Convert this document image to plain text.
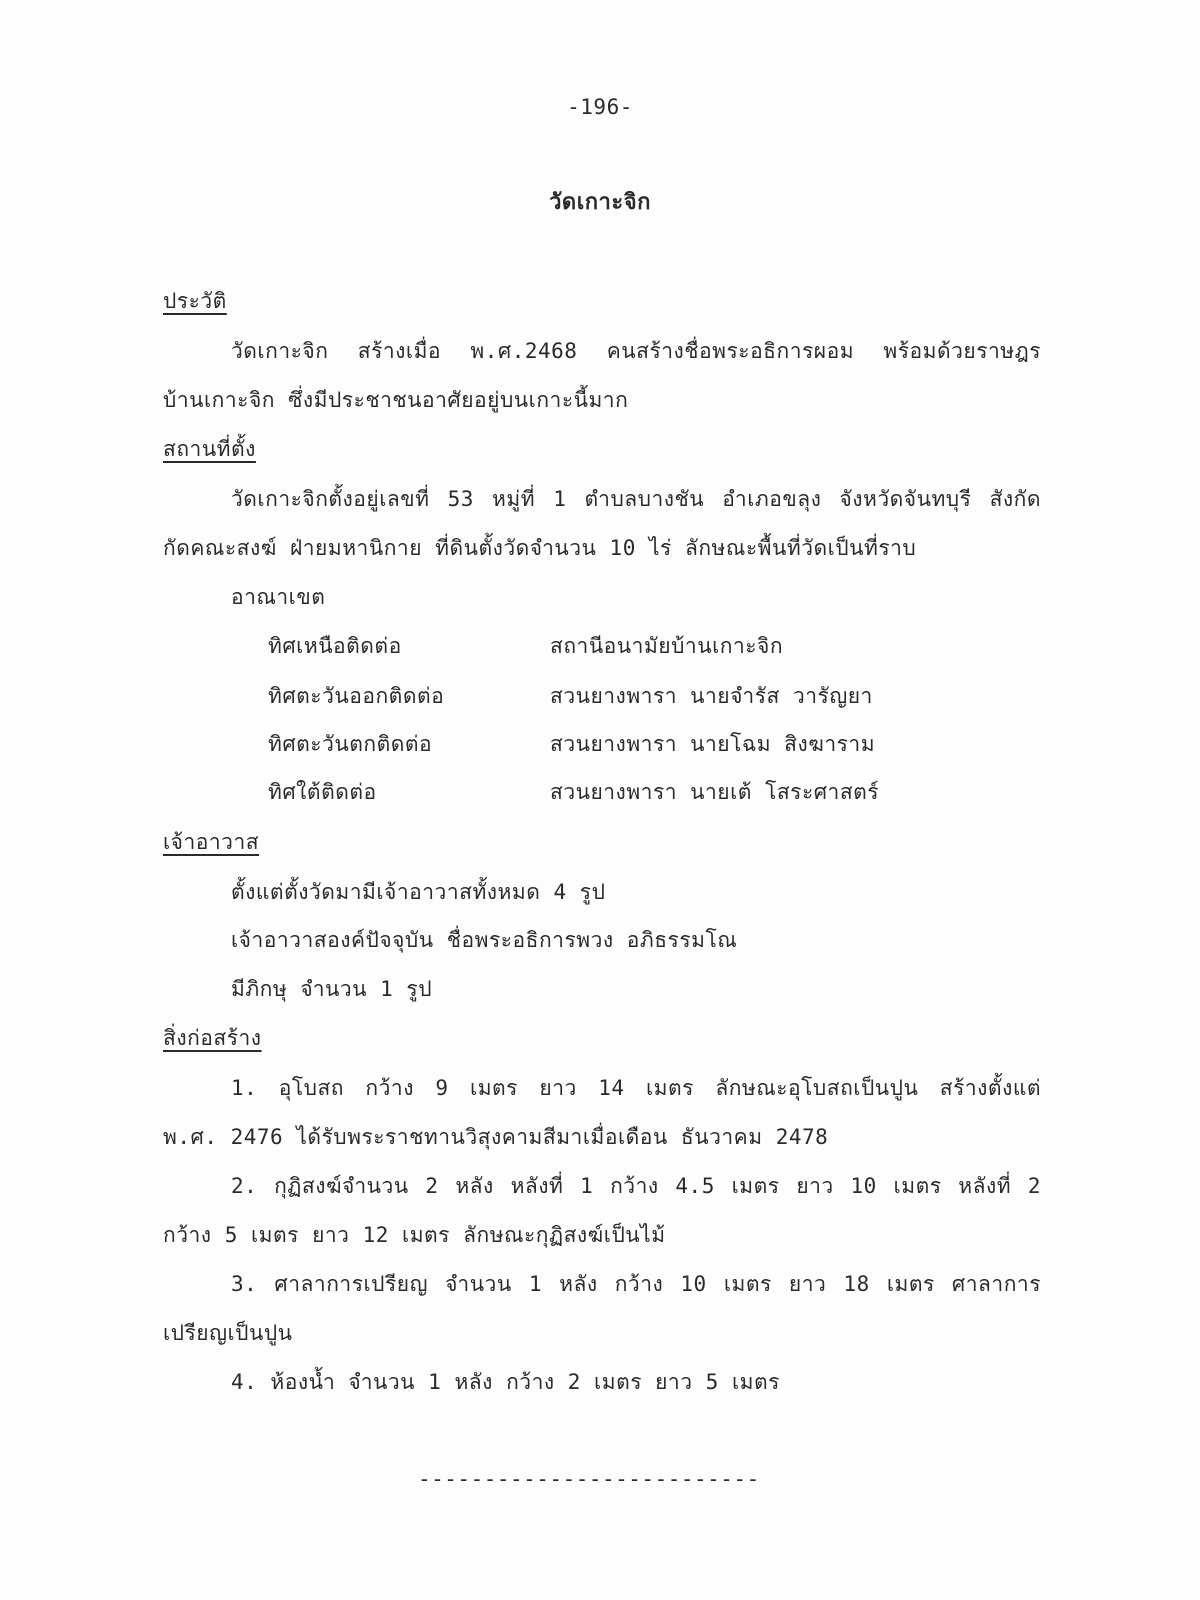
-196-
วัดเกาะจิก
ประวัติ
วัดเกาะจิก สร้างเมื่อ พ.ศ.2468 คนสร้างชื่อพระอธิการผอม พร้อมด้วยราษฎร
บ้านเกาะจิก ซึ่งมีประชาชนอาศัยอยู่บนเกาะนี้มาก
สถานที่ตั้ง
วัดเกาะจิกตั้งอยู่เลขที่ 53 หมู่ที่ 1 ตำบลบางชัน อำเภอขลุง จังหวัดจันทบุรี สังกัด
กัดคณะสงฆ์ ฝ่ายมหานิกาย ที่ดินตั้งวัดจำนวน 10 ไร่ ลักษณะพื้นที่วัดเป็นที่ราบ
อาณาเขต
ทิศเหนือติดต่อ	สถานีอนามัยบ้านเกาะจิก
ทิศตะวันออกติดต่อ	สวนยางพารา นายจำรัส วารัญยา
ทิศตะวันตกติดต่อ	สวนยางพารา นายโฉม สิงฆาราม
ทิศใต้ติดต่อ	สวนยางพารา นายเต้ โสระศาสตร์
เจ้าอาวาส
ตั้งแต่ตั้งวัดมามีเจ้าอาวาสทั้งหมด 4 รูป
เจ้าอาวาสองค์ปัจจุบัน ชื่อพระอธิการพวง อภิธรรมโณ
มีภิกษุ จำนวน 1 รูป
สิ่งก่อสร้าง
1. อุโบสถ กว้าง 9 เมตร ยาว 14 เมตร ลักษณะอุโบสถเป็นปูน สร้างตั้งแต่
พ.ศ. 2476 ได้รับพระราชทานวิสุงคามสีมาเมื่อเดือน ธันวาคม 2478
2. กุฏิสงฆ์จำนวน 2 หลัง หลังที่ 1 กว้าง 4.5 เมตร ยาว 10 เมตร หลังที่ 2
กว้าง 5 เมตร ยาว 12 เมตร ลักษณะกุฏิสงฆ์เป็นไม้
3. ศาลาการเปรียญ จำนวน 1 หลัง กว้าง 10 เมตร ยาว 18 เมตร ศาลาการ
เปรียญเป็นปูน
4. ห้องน้ำ จำนวน 1 หลัง กว้าง 2 เมตร ยาว 5 เมตร
--------------------------
